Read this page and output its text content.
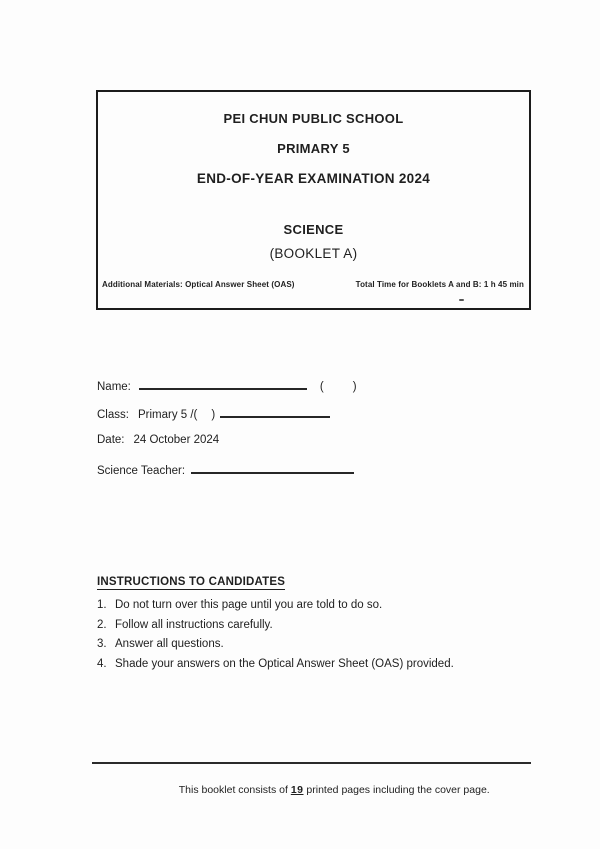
PEI CHUN PUBLIC SCHOOL
PRIMARY 5
END-OF-YEAR EXAMINATION 2024
SCIENCE
(BOOKLET A)
Additional Materials: Optical Answer Sheet (OAS)	Total Time for Booklets A and B: 1 h 45 min
Name:	(	)
Class: Primary 5 /( )
Date: 24 October 2024
Science Teacher:
INSTRUCTIONS TO CANDIDATES
1. Do not turn over this page until you are told to do so.
2. Follow all instructions carefully.
3. Answer all questions.
4. Shade your answers on the Optical Answer Sheet (OAS) provided.

This booklet consists of 19 printed pages including the cover page.
